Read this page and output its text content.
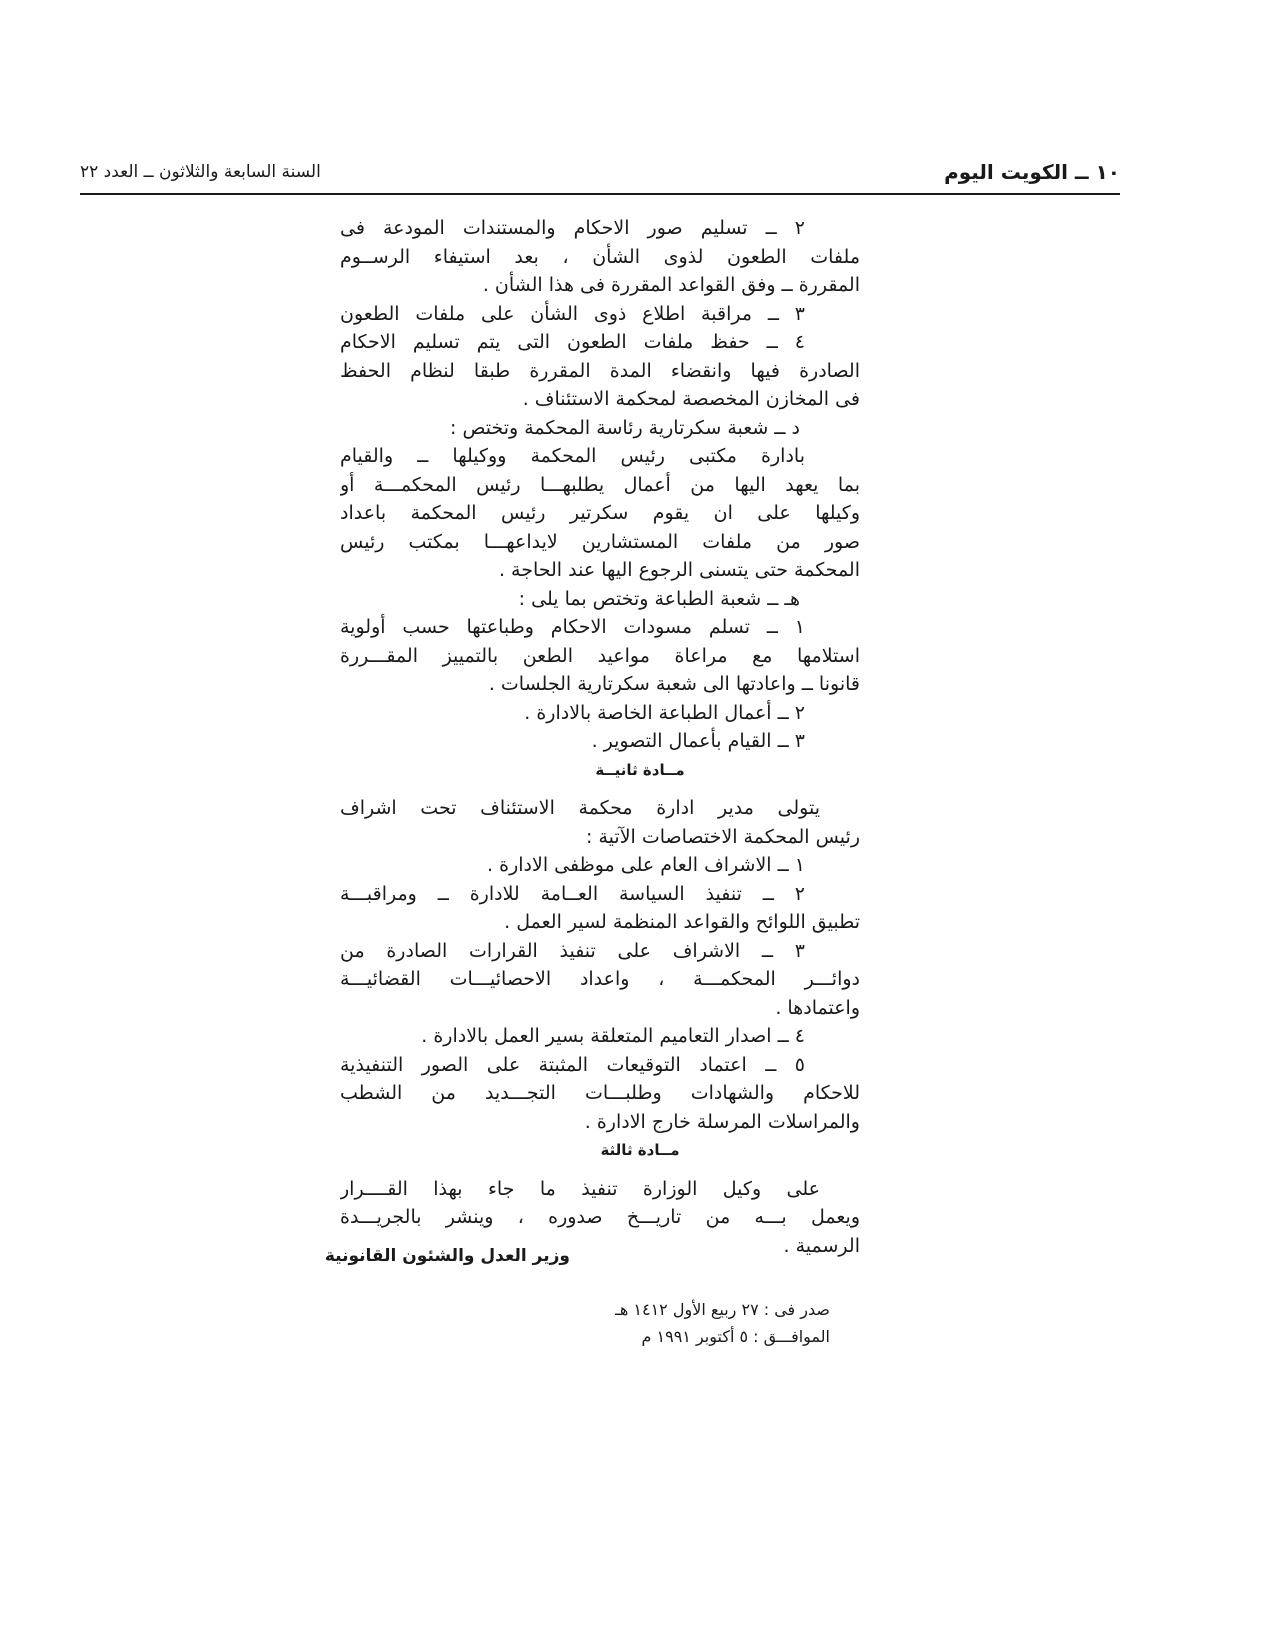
١٠ ــ الكويت اليوم
السنة السابعة والثلاثون ــ العدد ٢٢
٢ ــ تسليم صور الاحكام والمستندات المودعة فى
ملفات الطعون لذوى الشأن ، بعد استيفاء الرســوم
المقررة ــ وفق القواعد المقررة فى هذا الشأن .
٣ ــ مراقبة اطلاع ذوى الشأن على ملفات الطعون
٤ ــ حفظ ملفات الطعون التى يتم تسليم الاحكام
الصادرة فيها وانقضاء المدة المقررة طبقا لنظام الحفظ
فى المخازن المخصصة لمحكمة الاستئناف .
د ــ شعبة سكرتارية رئاسة المحكمة وتختص :
بادارة مكتبى رئيس المحكمة ووكيلها ــ والقيام
بما يعهد اليها من أعمال يطلبهـــا رئيس المحكمـــة أو
وكيلها على ان يقوم سكرتير رئيس المحكمة باعداد
صور من ملفات المستشارين لايداعهـــا بمكتب رئيس
المحكمة حتى يتسنى الرجوع اليها عند الحاجة .
هـ ــ شعبة الطباعة وتختص بما يلى :
١ ــ تسلم مسودات الاحكام وطباعتها حسب أولوية
استلامها مع مراعاة مواعيد الطعن بالتمييز المقـــررة
قانونا ــ واعادتها الى شعبة سكرتارية الجلسات .
٢ ــ أعمال الطباعة الخاصة بالادارة .
٣ ــ القيام بأعمال التصوير .
مــادة ثانيــة
يتولى مدير ادارة محكمة الاستئناف تحت اشراف
رئيس المحكمة الاختصاصات الآتية :
١ ــ الاشراف العام على موظفى الادارة .
٢ ــ تنفيذ السياسة العــامة للادارة ــ ومراقبـــة
تطبيق اللوائح والقواعد المنظمة لسير العمل .
٣ ــ الاشراف على تنفيذ القرارات الصادرة من
دوائـــر المحكمـــة ، واعداد الاحصائيـــات القضائيـــة
واعتمادها .
٤ ــ اصدار التعاميم المتعلقة بسير العمل بالادارة .
٥ ــ اعتماد التوقيعات المثبتة على الصور التنفيذية
للاحكام والشهادات وطلبـــات التجـــديد من الشطب
والمراسلات المرسلة خارج الادارة .
مــادة ثالثة
على وكيل الوزارة تنفيذ ما جاء بهذا القــــرار
ويعمل بـــه من تاريـــخ صدوره ، وينشر بالجريـــدة
الرسمية .
وزير العدل والشئون القانونية
صدر فى : ٢٧ ربيع الأول ١٤١٢ هـ
الموافـــق : ٥ أكتوبر ١٩٩١ م
